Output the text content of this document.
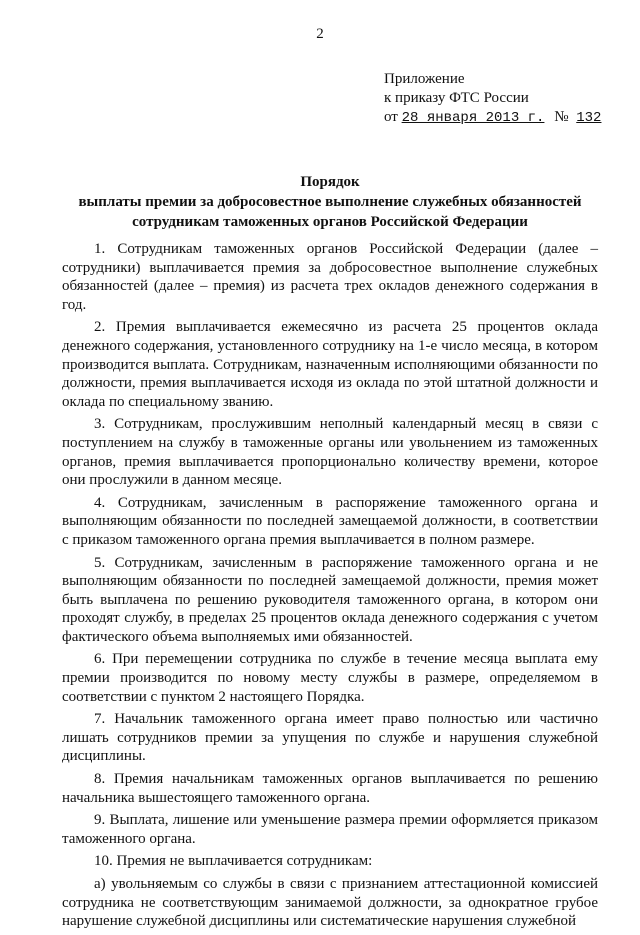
2
Приложение
к приказу ФТС России
от 28 января 2013 г. № 132
Порядок
выплаты премии за добросовестное выполнение служебных обязанностей
сотрудникам таможенных органов Российской Федерации

1. Сотрудникам таможенных органов Российской Федерации (далее – сотрудники) выплачивается премия за добросовестное выполнение служебных обязанностей (далее – премия) из расчета трех окладов денежного содержания в год.

2. Премия выплачивается ежемесячно из расчета 25 процентов оклада денежного содержания, установленного сотруднику на 1-е число месяца, в котором производится выплата. Сотрудникам, назначенным исполняющими обязанности по должности, премия выплачивается исходя из оклада по этой штатной должности и оклада по специальному званию.

3. Сотрудникам, прослужившим неполный календарный месяц в связи с поступлением на службу в таможенные органы или увольнением из таможенных органов, премия выплачивается пропорционально количеству времени, которое они прослужили в данном месяце.

4. Сотрудникам, зачисленным в распоряжение таможенного органа и выполняющим обязанности по последней замещаемой должности, в соответствии с приказом таможенного органа премия выплачивается в полном размере.

5. Сотрудникам, зачисленным в распоряжение таможенного органа и не выполняющим обязанности по последней замещаемой должности, премия может быть выплачена по решению руководителя таможенного органа, в котором они проходят службу, в пределах 25 процентов оклада денежного содержания с учетом фактического объема выполняемых ими обязанностей.

6. При перемещении сотрудника по службе в течение месяца выплата ему премии производится по новому месту службы в размере, определяемом в соответствии с пунктом 2 настоящего Порядка.

7. Начальник таможенного органа имеет право полностью или частично лишать сотрудников премии за упущения по службе и нарушения служебной дисциплины.

8. Премия начальникам таможенных органов выплачивается по решению начальника вышестоящего таможенного органа.

9. Выплата, лишение или уменьшение размера премии оформляется приказом таможенного органа.

10. Премия не выплачивается сотрудникам:

а) увольняемым со службы в связи с признанием аттестационной комиссией сотрудника не соответствующим занимаемой должности, за однократное грубое нарушение служебной дисциплины или систематические нарушения служебной
